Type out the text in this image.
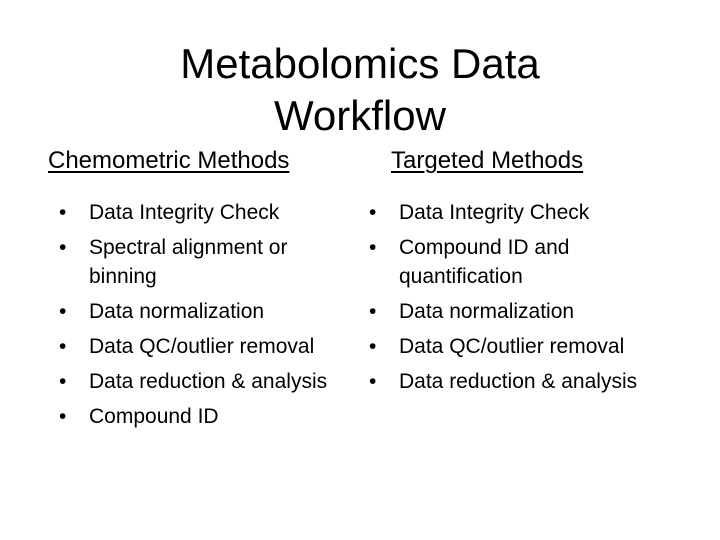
Metabolomics Data
Workflow
Chemometric Methods	Targeted Methods
•	Data Integrity Check
•	Spectral alignment or binning
•	Data normalization
•	Data QC/outlier removal
•	Data reduction & analysis
•	Compound ID
•	Data Integrity Check
•	Compound ID and quantification
•	Data normalization
•	Data QC/outlier removal
•	Data reduction & analysis
